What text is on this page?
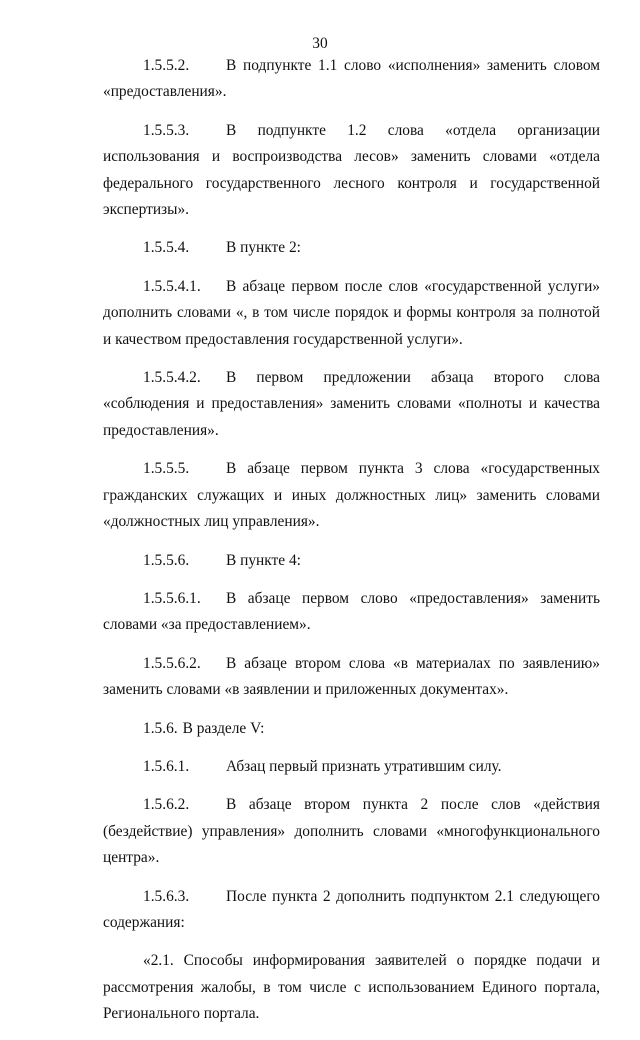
30

1.5.5.2. В подпункте 1.1 слово «исполнения» заменить словом «предоставления».

1.5.5.3. В подпункте 1.2 слова «отдела организации использования и воспроизводства лесов» заменить словами «отдела федерального государственного лесного контроля и государственной экспертизы».

1.5.5.4. В пункте 2:

1.5.5.4.1. В абзаце первом после слов «государственной услуги» дополнить словами «, в том числе порядок и формы контроля за полнотой и качеством предоставления государственной услуги».

1.5.5.4.2. В первом предложении абзаца второго слова «соблюдения и предоставления» заменить словами «полноты и качества предоставления».

1.5.5.5. В абзаце первом пункта 3 слова «государственных гражданских служащих и иных должностных лиц» заменить словами «должностных лиц управления».

1.5.5.6. В пункте 4:

1.5.5.6.1. В абзаце первом слово «предоставления» заменить словами «за предоставлением».

1.5.5.6.2. В абзаце втором слова «в материалах по заявлению» заменить словами «в заявлении и приложенных документах».

1.5.6. В разделе V:

1.5.6.1. Абзац первый признать утратившим силу.

1.5.6.2. В абзаце втором пункта 2 после слов «действия (бездействие) управления» дополнить словами «многофункционального центра».

1.5.6.3. После пункта 2 дополнить подпунктом 2.1 следующего содержания:

«2.1. Способы информирования заявителей о порядке подачи и рассмотрения жалобы, в том числе с использованием Единого портала, Регионального портала.
